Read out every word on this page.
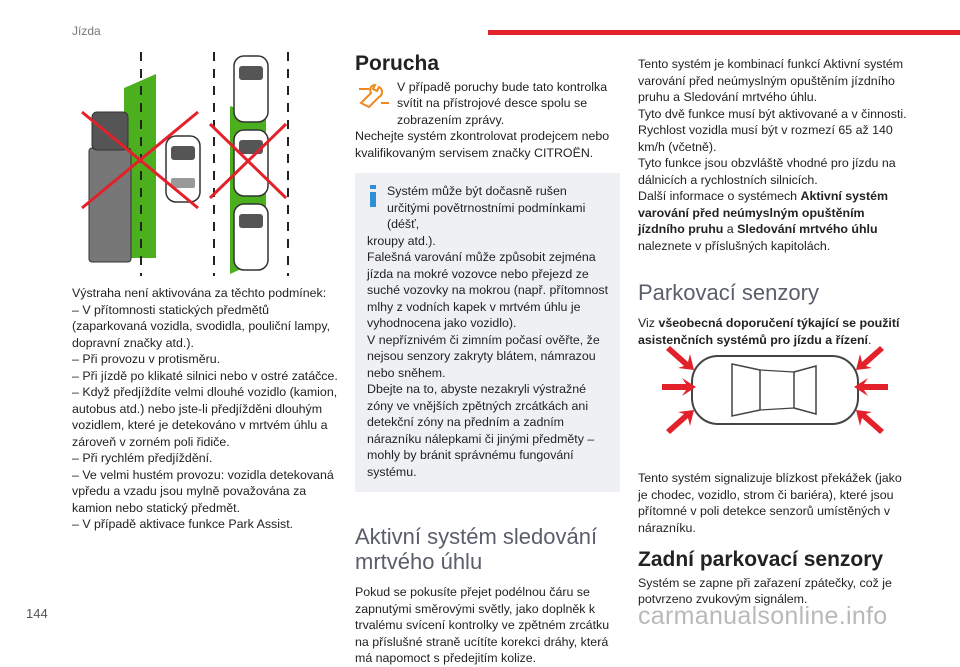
Jízda

Výstraha není aktivována za těchto podmínek:

– V přítomnosti statických předmětů (zaparkovaná vozidla, svodidla, pouliční lampy, dopravní značky atd.).
– Při provozu v protisměru.
– Při jízdě po klikaté silnici nebo v ostré zatáčce.
– Když předjíždíte velmi dlouhé vozidlo (kamion, autobus atd.) nebo jste-li předjížděni dlouhým vozidlem, které je detekováno v mrtvém úhlu a zároveň v zorném poli řidiče.
– Při rychlém předjíždění.
– Ve velmi hustém provozu: vozidla detekovaná vpředu a vzadu jsou mylně považována za kamion nebo statický předmět.
– V případě aktivace funkce Park Assist.

Porucha

V případě poruchy bude tato kontrolka svítit na přístrojové desce spolu se zobrazením zprávy.

Nechejte systém zkontrolovat prodejcem nebo kvalifikovaným servisem značky CITROËN.

Systém může být dočasně rušen určitými povětrnostními podmínkami (déšť,

kroupy atd.).
Falešná varování může způsobit zejména jízda na mokré vozovce nebo přejezd ze suché vozovky na mokrou (např. přítomnost mlhy z vodních kapek v mrtvém úhlu je vyhodnocena jako vozidlo).
V nepříznivém či zimním počasí ověřte, že nejsou senzory zakryty blátem, námrazou nebo sněhem.
Dbejte na to, abyste nezakryli výstražné zóny ve vnějších zpětných zrcátkách ani detekční zóny na předním a zadním nárazníku nálepkami či jinými předměty – mohly by bránit správnému fungování systému.

Aktivní systém sledování mrtvého úhlu

Pokud se pokusíte přejet podélnou čáru se zapnutými směrovými světly, jako doplněk k trvalému svícení kontrolky ve zpětném zrcátku na příslušné straně ucítíte korekci dráhy, která má napomoct s předejitím kolize.

Tento systém je kombinací funkcí Aktivní systém varování před neúmyslným opuštěním jízdního pruhu a Sledování mrtvého úhlu.
Tyto dvě funkce musí být aktivované a v činnosti.
Rychlost vozidla musí být v rozmezí 65 až 140 km/h (včetně).
Tyto funkce jsou obzvláště vhodné pro jízdu na dálnicích a rychlostních silnicích.

Další informace o systémech Aktivní systém varování před neúmyslným opuštěním jízdního pruhu a Sledování mrtvého úhlu naleznete v příslušných kapitolách.

Parkovací senzory

Viz všeobecná doporučení týkající se použití asistenčních systémů pro jízdu a řízení.

Tento systém signalizuje blízkost překážek (jako je chodec, vozidlo, strom či bariéra), které jsou přítomné v poli detekce senzorů umístěných v nárazníku.

Zadní parkovací senzory

Systém se zapne při zařazení zpátečky, což je potvrzeno zvukovým signálem.

144	carmanualsonline.info
